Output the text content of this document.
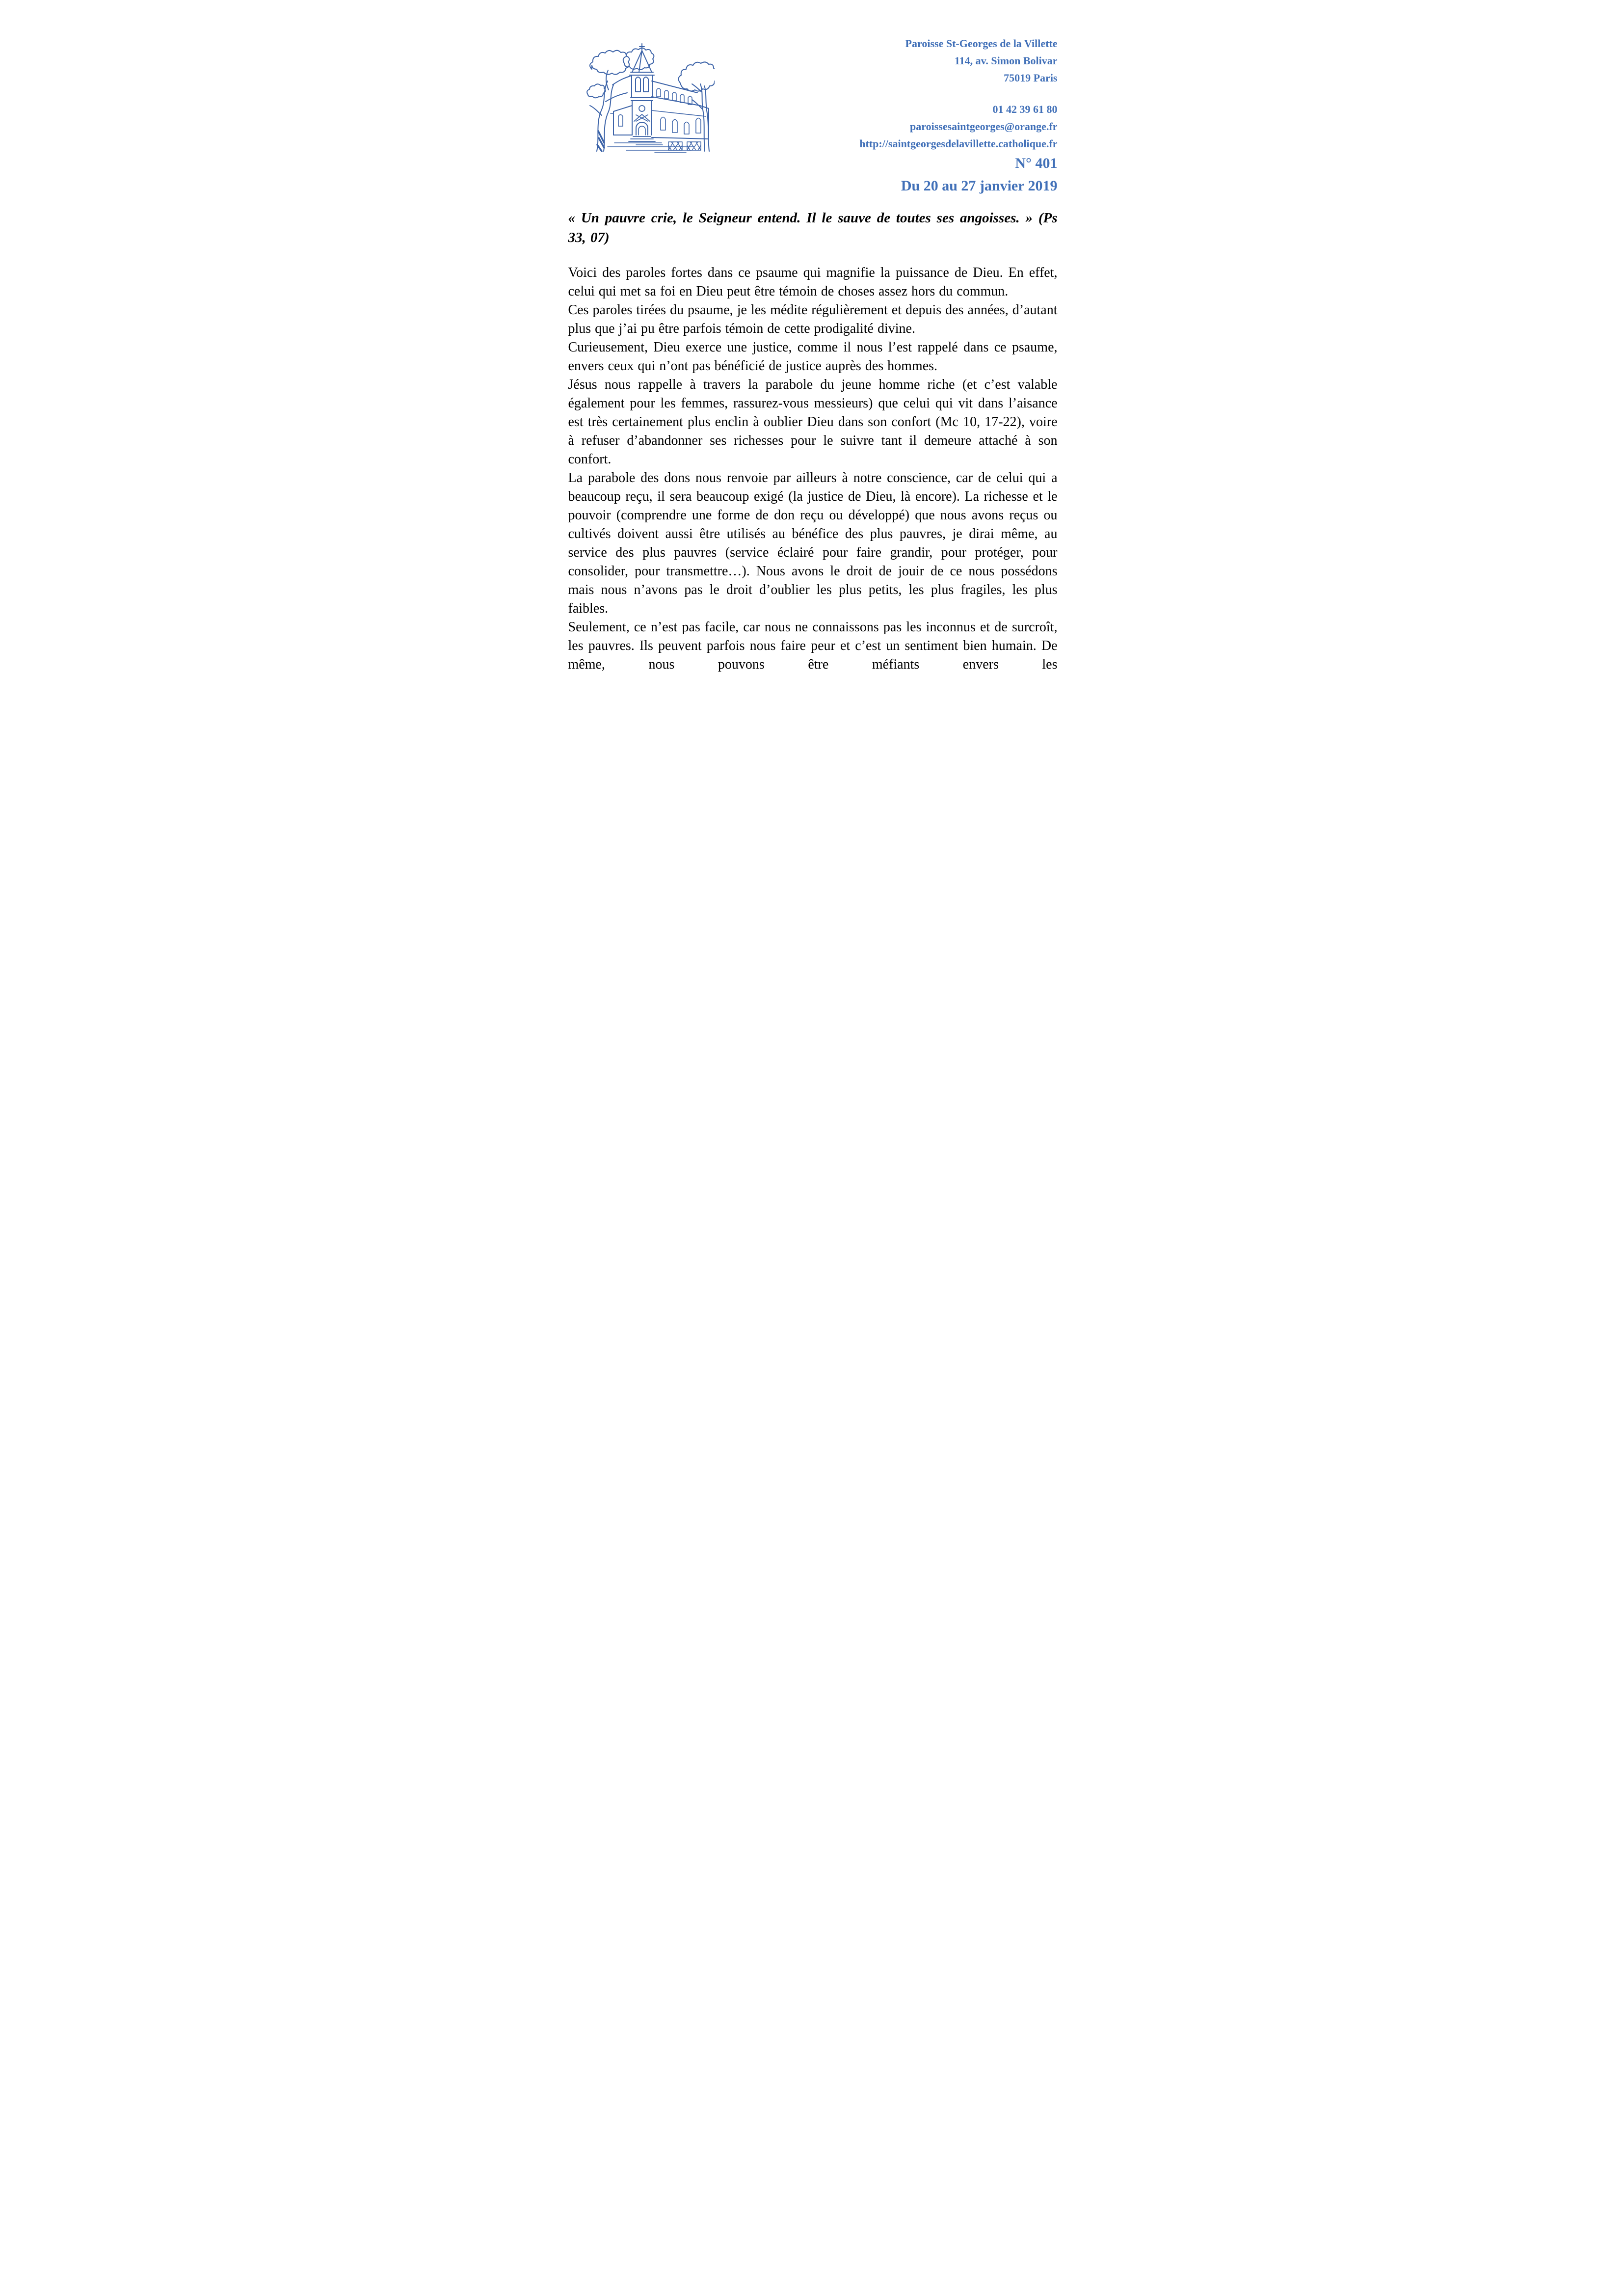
Paroisse St-Georges de la Villette
114, av. Simon Bolivar
75019 Paris
01 42 39 61 80
paroissesaintgeorges@orange.fr
http://saintgeorgesdelavillette.catholique.fr
N° 401
Du 20 au 27 janvier 2019
« Un pauvre crie, le Seigneur entend. Il le sauve de toutes ses angoisses. » (Ps 33, 07)

Voici des paroles fortes dans ce psaume qui magnifie la puissance de Dieu. En effet, celui qui met sa foi en Dieu peut être témoin de choses assez hors du commun.

Ces paroles tirées du psaume, je les médite régulièrement et depuis des années, d’autant plus que j’ai pu être parfois témoin de cette prodigalité divine.

Curieusement, Dieu exerce une justice, comme il nous l’est rappelé dans ce psaume, envers ceux qui n’ont pas bénéficié de justice auprès des hommes.

Jésus nous rappelle à travers la parabole du jeune homme riche (et c’est valable également pour les femmes, rassurez-vous messieurs) que celui qui vit dans l’aisance est très certainement plus enclin à oublier Dieu dans son confort (Mc 10, 17-22), voire à refuser d’abandonner ses richesses pour le suivre tant il demeure attaché à son confort.

La parabole des dons nous renvoie par ailleurs à notre conscience, car de celui qui a beaucoup reçu, il sera beaucoup exigé (la justice de Dieu, là encore). La richesse et le pouvoir (comprendre une forme de don reçu ou développé) que nous avons reçus ou cultivés doivent aussi être utilisés au bénéfice des plus pauvres, je dirai même, au service des plus pauvres (service éclairé pour faire grandir, pour protéger, pour consolider, pour transmettre…). Nous avons le droit de jouir de ce nous possédons mais nous n’avons pas le droit d’oublier les plus petits, les plus fragiles, les plus faibles.

Seulement, ce n’est pas facile, car nous ne connaissons pas les inconnus et de surcroît, les pauvres. Ils peuvent parfois nous faire peur et c’est un sentiment bien humain. De même, nous pouvons être méfiants envers les
